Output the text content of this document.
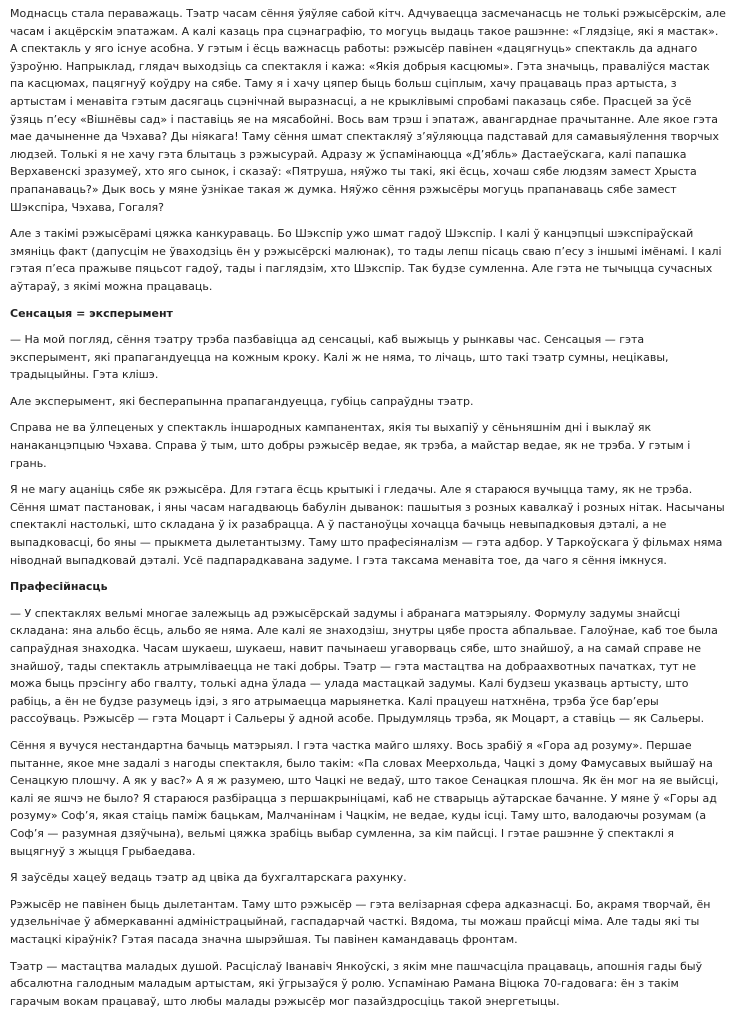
Моднасць стала пераважаць. Тэатр часам сёння ўяўляе сабой кітч. Адчуваецца засмечанасць не толькі рэжысёрскім, але часам і акцёрскім эпатажам. А калі казаць пра сцэнаграфію, то могуць выдаць такое рашэнне: «Глядзіце, які я мастак». А спектакль у яго існуе асобна. У гэтым і ёсць важнасць работы: рэжысёр павінен «дацягнуць» спектакль да аднаго ўзроўню. Напрыклад, глядач выходзіць са спектакля і кажа: «Якія добрыя касцюмы». Гэта значыць, праваліўся мастак па касцюмах, пацягнуў коўдру на сябе. Таму я і хачу цяпер быць больш сціплым, хачу працаваць праз артыста, з артыстам і менавіта гэтым дасягаць сцэнічнай выразнасці, а не крыклівымі спробамі паказаць сябе. Прасцей за ўсё ўзяць п’есу «Вішнёвы сад» і паставіць яе на мясабойні. Вось вам трэш і эпатаж, авангарднае прачытанне. Але якое гэта мае дачыненне да Чэхава? Ды ніякага! Таму сёння шмат спектакляў з’яўляюцца падставай для самавыяўлення творчых людзей. Толькі я не хачу гэта блытаць з рэжысурай. Адразу ж ўспамінаюцца «Д’ябль» Дастаеўскага, калі папашка Верхавенскі зразумеў, хто яго сынок, і сказаў: «Пятруша, няўжо ты такі, які ёсць, хочаш сябе людзям замест Хрыста прапанаваць?» Дык вось у мяне ўзнікае такая ж думка. Няўжо сёння рэжысёры могуць прапанаваць сябе замест Шэкспіра, Чэхава, Гогаля?

Але з такімі рэжысёрамі цяжка канкураваць. Бо Шэкспір ужо шмат гадоў Шэкспір. І калі ў канцэпцыі шэкспіраўскай змяніць факт (дапусцім не ўваходзіць ён у рэжысёрскі малюнак), то тады лепш пісаць сваю п’есу з іншымі імёнамі. І калі гэтая п’еса пражыве пяцьсот гадоў, тады і паглядзім, хто Шэкспір. Так будзе сумленна. Але гэта не тычыцца сучасных аўтараў, з якімі можна працаваць.

Сенсацыя = эксперымент

— На мой погляд, сёння тэатру трэба пазбавіцца ад сенсацыі, каб выжыць у рынкавы час. Сенсацыя — гэта эксперымент, які прапагандуецца на кожным кроку. Калі ж не няма, то лічаць, што такі тэатр сумны, нецікавы, традыцыйны. Гэта клішэ.

Але эксперымент, які бесперапынна прапагандуецца, губіць сапраўдны тэатр.

Справа не ва ўлпеценых у спектакль іншародных кампанентах, якія ты выхапіў у сёньняшнім дні і выклаў як нанаканцэпцыю Чэхава. Справа ў тым, што добры рэжысёр ведае, як трэба, а майстар ведае, як не трэба. У гэтым і грань.

Я не магу ацаніць сябе як рэжысёра. Для гэтага ёсць крытыкі і гледачы. Але я стараюся вучыцца таму, як не трэба. Сёння шмат пастановак, і яны часам нагадваюць бабулін дыванок: пашытыя з розных кавалкаў і розных нітак. Насычаны спектаклі настолькі, што складана ў іх разабрацца. А ў пастаноўцы хочацца бачыць невыпадковыя дэталі, а не выпадковасці, бо яны — прыкмета дылетантызму. Таму што прафесіяналізм — гэта адбор. У Таркоўскага ў фільмах няма ніводнай выпадковай дэталі. Усё падпарадкавана задуме. І гэта таксама менавіта тое, да чаго я сёння імкнуся.

Прафесійнасць

— У спектаклях вельмі многае залежыць ад рэжысёрскай задумы і абранага матэрыялу. Формулу задумы знайсці складана: яна альбо ёсць, альбо яе няма. Але калі яе знаходзіш, знутры цябе проста абпальвае. Галоўнае, каб тое была сапраўдная знаходка. Часам шукаеш, шукаеш, навит пачынаеш угаворваць сябе, што знайшоў, а на самай справе не знайшоў, тады спектакль атрымліваецца не такі добры. Тэатр — гэта мастацтва на добраахвотных пачатках, тут не можа быць прэсінгу або гвалту, толькі адна ўлада — улада мастацкай задумы. Калі будзеш указваць артысту, што рабіць, а ён не будзе разумець ідэі, з яго атрымаецца марыянетка. Калі працуеш натхнёна, трэба ўсе бар’еры рассоўваць. Рэжысёр — гэта Моцарт і Сальеры ў адной асобе. Прыдумляць трэба, як Моцарт, а ставіць — як Сальеры.

Сёння я вучуся нестандартна бачыць матэрыял. І гэта частка майго шляху. Вось зрабіў я «Гора ад розуму». Першае пытанне, якое мне задалі з нагоды спектакля, было такім: «Па словах Меерхольда, Чацкі з дому Фамусавых выйшаў на Сенацкую плошчу. А як у вас?» А я ж разумею, што Чацкі не ведаў, што такое Сенацкая плошча. Як ён мог на яе выйсці, калі яе яшчэ не было? Я стараюся разбірацца з першакрыніцамі, каб не стварыць аўтарскае бачанне. У мяне ў «Горы ад розуму» Соф’я, якая стаіць паміж бацькам, Малчанінам і Чацкім, не ведае, куды ісці. Таму што, валодаючы розумам (а Соф’я — разумная дзяўчына), вельмі цяжка зрабіць выбар сумленна, за кім пайсці. І гэтае рашэнне ў спектаклі я выцягнуў з жыцця Грыбаедава.

Я заўсёды хацеў ведаць тэатр ад цвіка да бухгалтарскага рахунку.

Рэжысёр не павінен быць дылетантам. Таму што рэжысёр — гэта велізарная сфера адказнасці. Бо, акрамя творчай, ён удзельнічае ў абмеркаванні адміністрацыйнай, гаспадарчай часткі. Вядома, ты можаш прайсці міма. Але тады які ты мастацкі кіраўнік? Гэтая пасада значна шырэйшая. Ты павінен камандаваць фронтам.

Тэатр — мастацтва маладых душой. Расціслаў Іванавіч Янкоўскі, з якім мне пашчасціла працаваць, апошнія гады быў абсалютна галодным маладым артыстам, які ўгрызаўся ў ролю. Успамінаю Рамана Віцюка 70-гадовага: ён з такім гарачым вокам працаваў, што любы малады рэжысёр мог пазайздросціць такой энергетыцы.
